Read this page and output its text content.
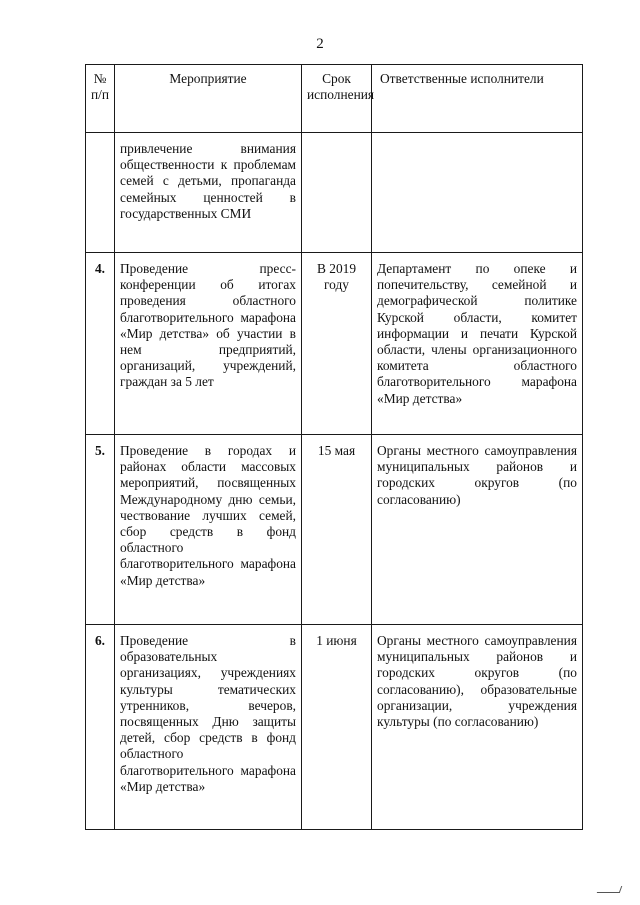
2
№ п/п	Мероприятие	Срок исполнения	Ответственные исполнители
	привлечение внимания общественности к проблемам семей с детьми, пропаганда семейных ценностей в государственных СМИ		
4.	Проведение пресс-конференции об итогах проведения областного благотворительного марафона «Мир детства» об участии в нем предприятий, организаций, учреждений, граждан за 5 лет	В 2019 году	Департамент по опеке и попечительству, семейной и демографической политике Курской области, комитет информации и печати Курской области, члены организационного комитета областного благотворительного марафона «Мир детства»
5.	Проведение в городах и районах области массовых мероприятий, посвященных Международному дню семьи, чествование лучших семей, сбор средств в фонд областного благотворительного марафона «Мир детства»	15 мая	Органы местного самоуправления муниципальных районов и городских округов (по согласованию)
6.	Проведение в образовательных организациях, учреждениях культуры тематических утренников, вечеров, посвященных Дню защиты детей, сбор средств в фонд областного благотворительного марафона «Мир детства»	1 июня	Органы местного самоуправления муниципальных районов и городских округов (по согласованию), образовательные организации, учреждения культуры (по согласованию)
